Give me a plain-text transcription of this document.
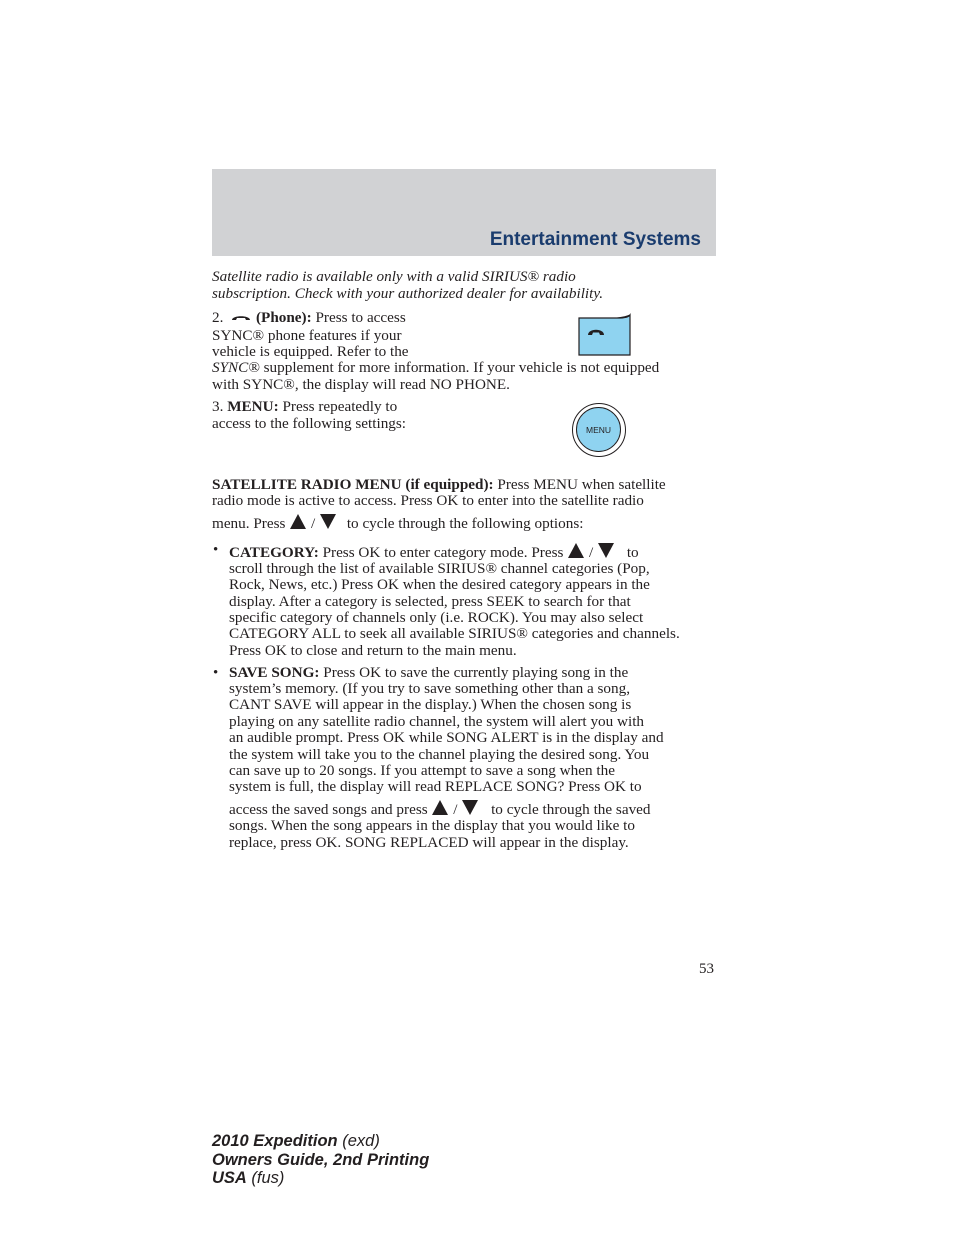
Entertainment Systems
Satellite radio is available only with a valid SIRIUS® radio
subscription. Check with your authorized dealer for availability.
2. (Phone): Press to access
SYNC® phone features if your
vehicle is equipped. Refer to the
SYNC® supplement for more information. If your vehicle is not equipped
with SYNC®, the display will read NO PHONE.
3. MENU: Press repeatedly to
access to the following settings:	MENU
SATELLITE RADIO MENU (if equipped): Press MENU when satellite
radio mode is active to access. Press OK to enter into the satellite radio
menu. Press / to cycle through the following options:
• CATEGORY: Press OK to enter category mode. Press / to
scroll through the list of available SIRIUS® channel categories (Pop,
Rock, News, etc.) Press OK when the desired category appears in the
display. After a category is selected, press SEEK to search for that
specific category of channels only (i.e. ROCK). You may also select
CATEGORY ALL to seek all available SIRIUS® categories and channels.
Press OK to close and return to the main menu.
• SAVE SONG: Press OK to save the currently playing song in the
system’s memory. (If you try to save something other than a song,
CANT SAVE will appear in the display.) When the chosen song is
playing on any satellite radio channel, the system will alert you with
an audible prompt. Press OK while SONG ALERT is in the display and
the system will take you to the channel playing the desired song. You
can save up to 20 songs. If you attempt to save a song when the
system is full, the display will read REPLACE SONG? Press OK to
access the saved songs and press / to cycle through the saved
songs. When the song appears in the display that you would like to
replace, press OK. SONG REPLACED will appear in the display.
53
2010 Expedition (exd)
Owners Guide, 2nd Printing
USA (fus)
